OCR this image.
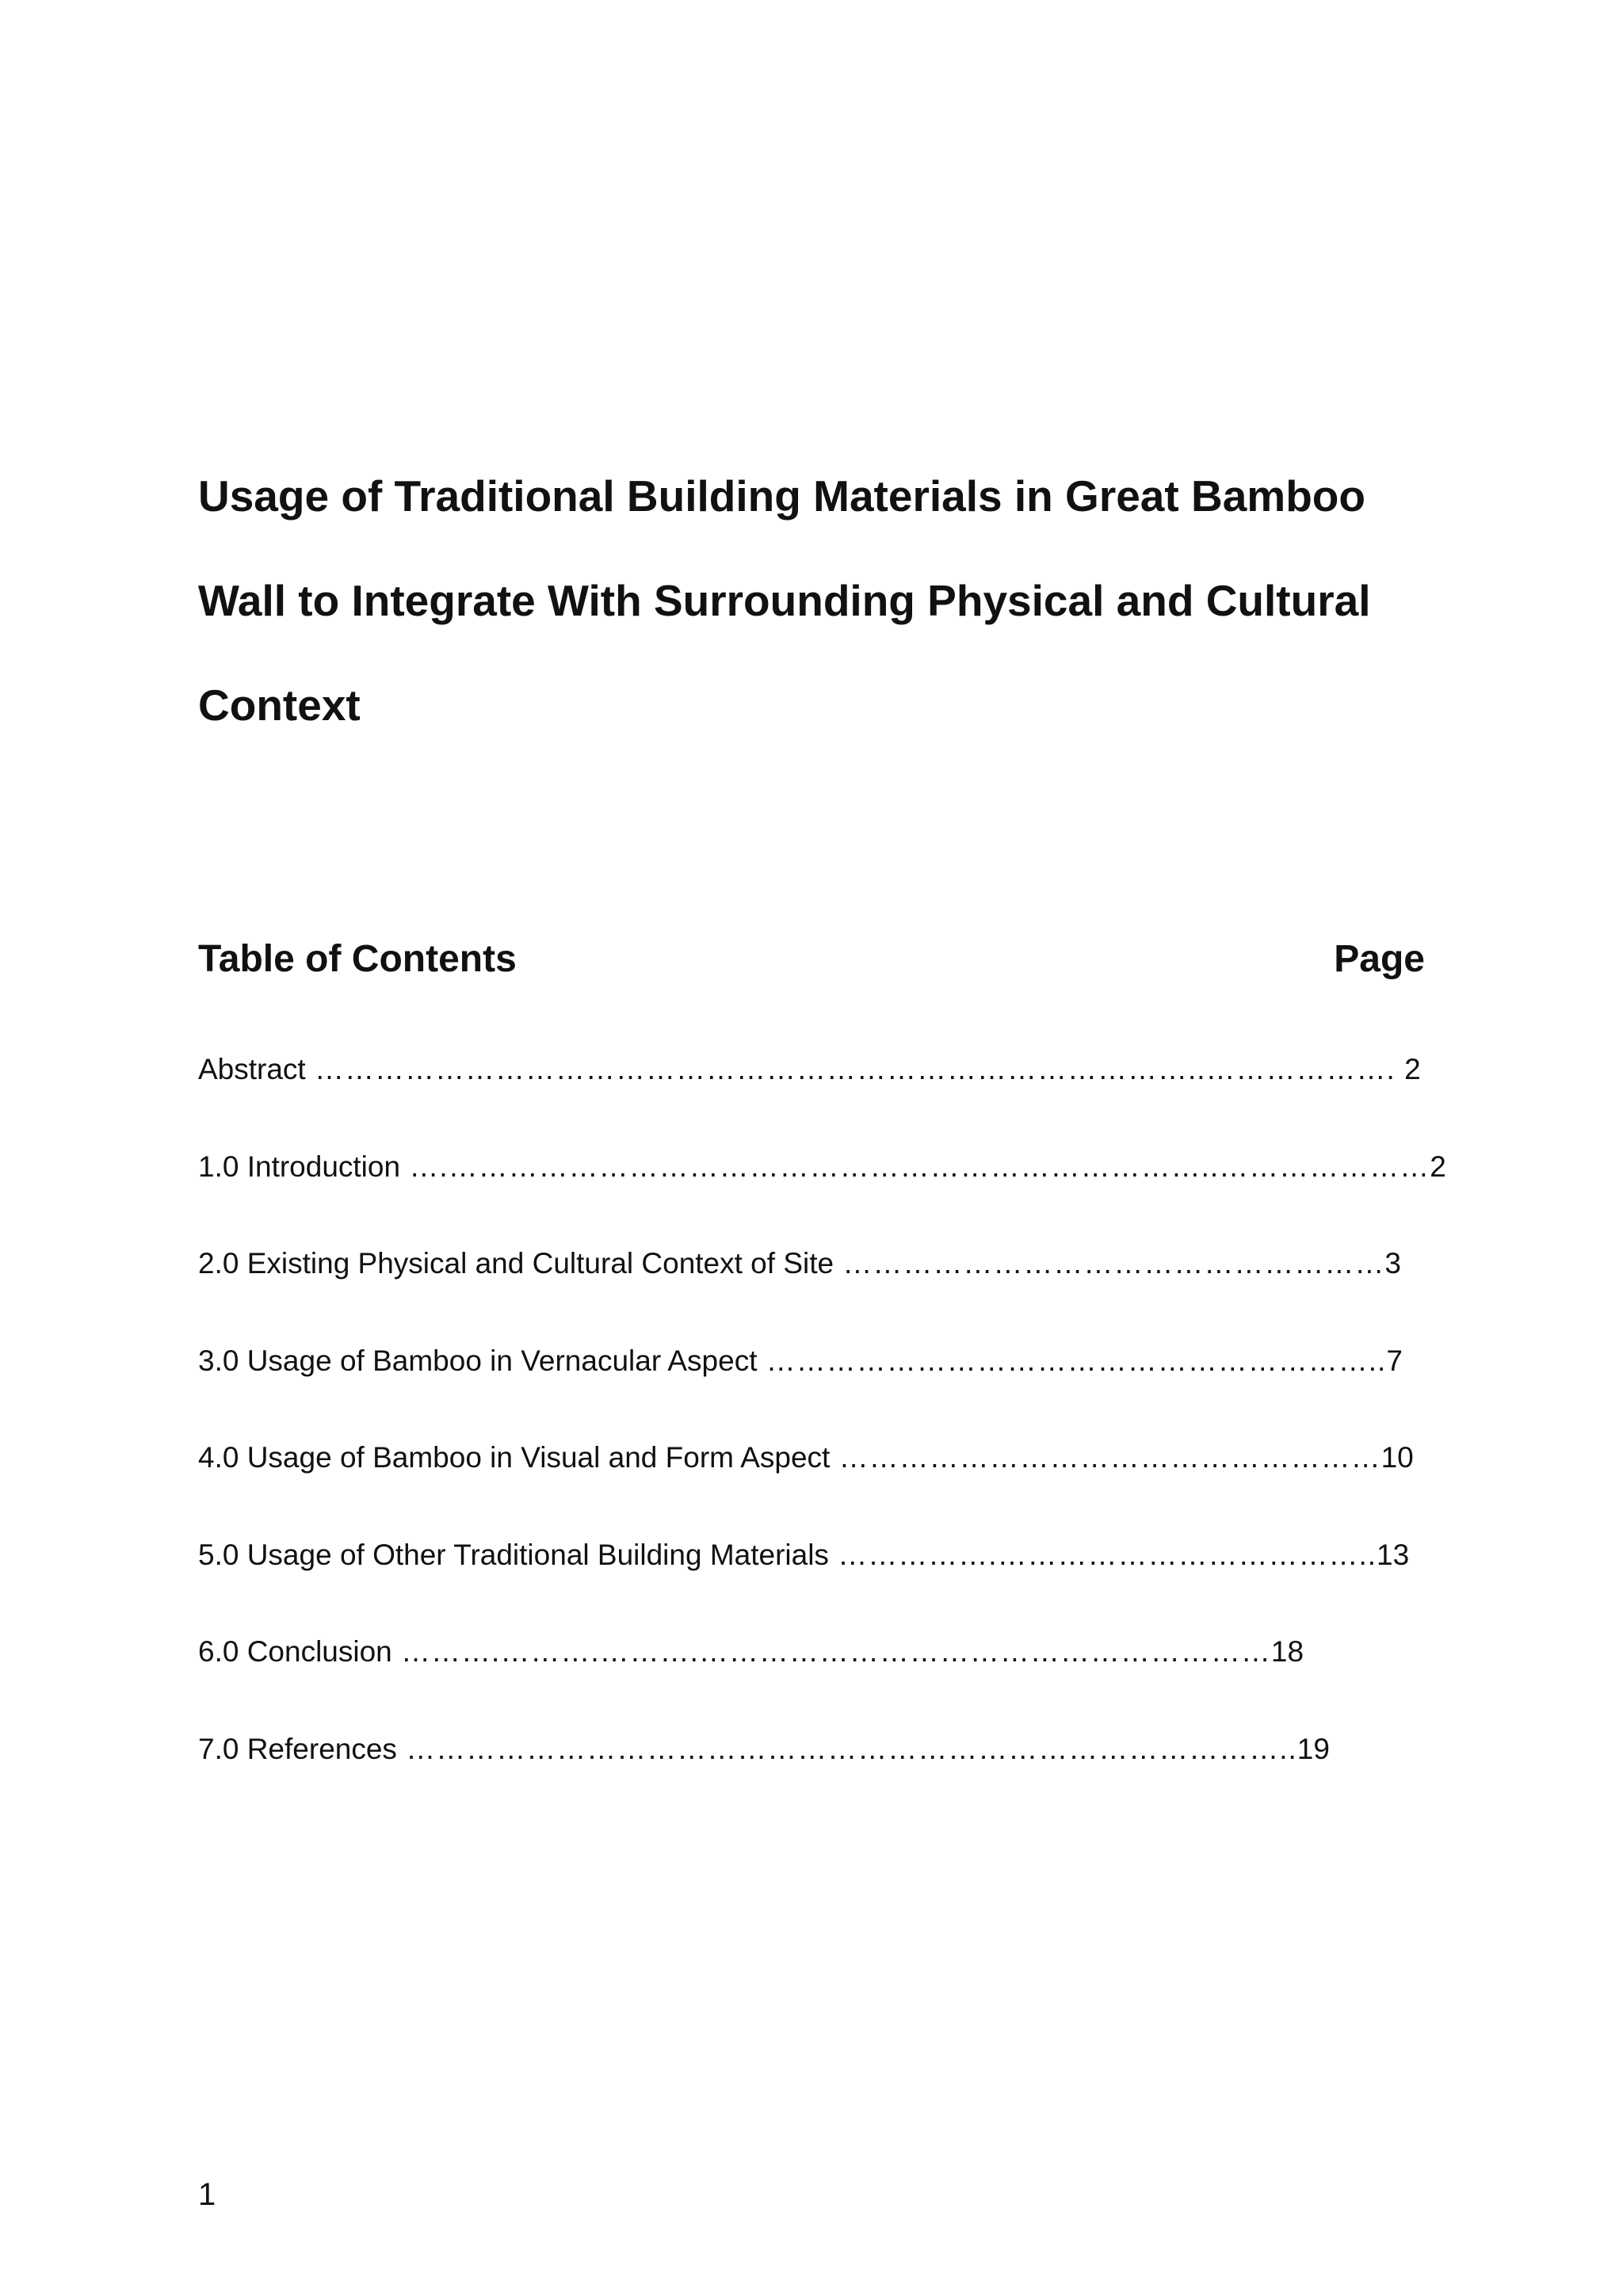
Usage of Traditional Building Materials in Great Bamboo
Wall to Integrate With Surrounding Physical and Cultural
Context
Table of Contents	Page
Abstract ……………………………………………………………………………..………………. 2
1.0 Introduction ….…………………………………………………………………..…………………2
2.0 Existing Physical and Cultural Context of Site ………………………………………………3
3.0 Usage of Bamboo in Vernacular Aspect ……………………………………………………..7
4.0 Usage of Bamboo in Visual and Form Aspect ………………………………………………10
5.0 Usage of Other Traditional Building Materials …………….………………………………..13
6.0 Conclusion ……….……….……….…………………………………………………18
7.0 References ……………………………………………………………………………..19
1
